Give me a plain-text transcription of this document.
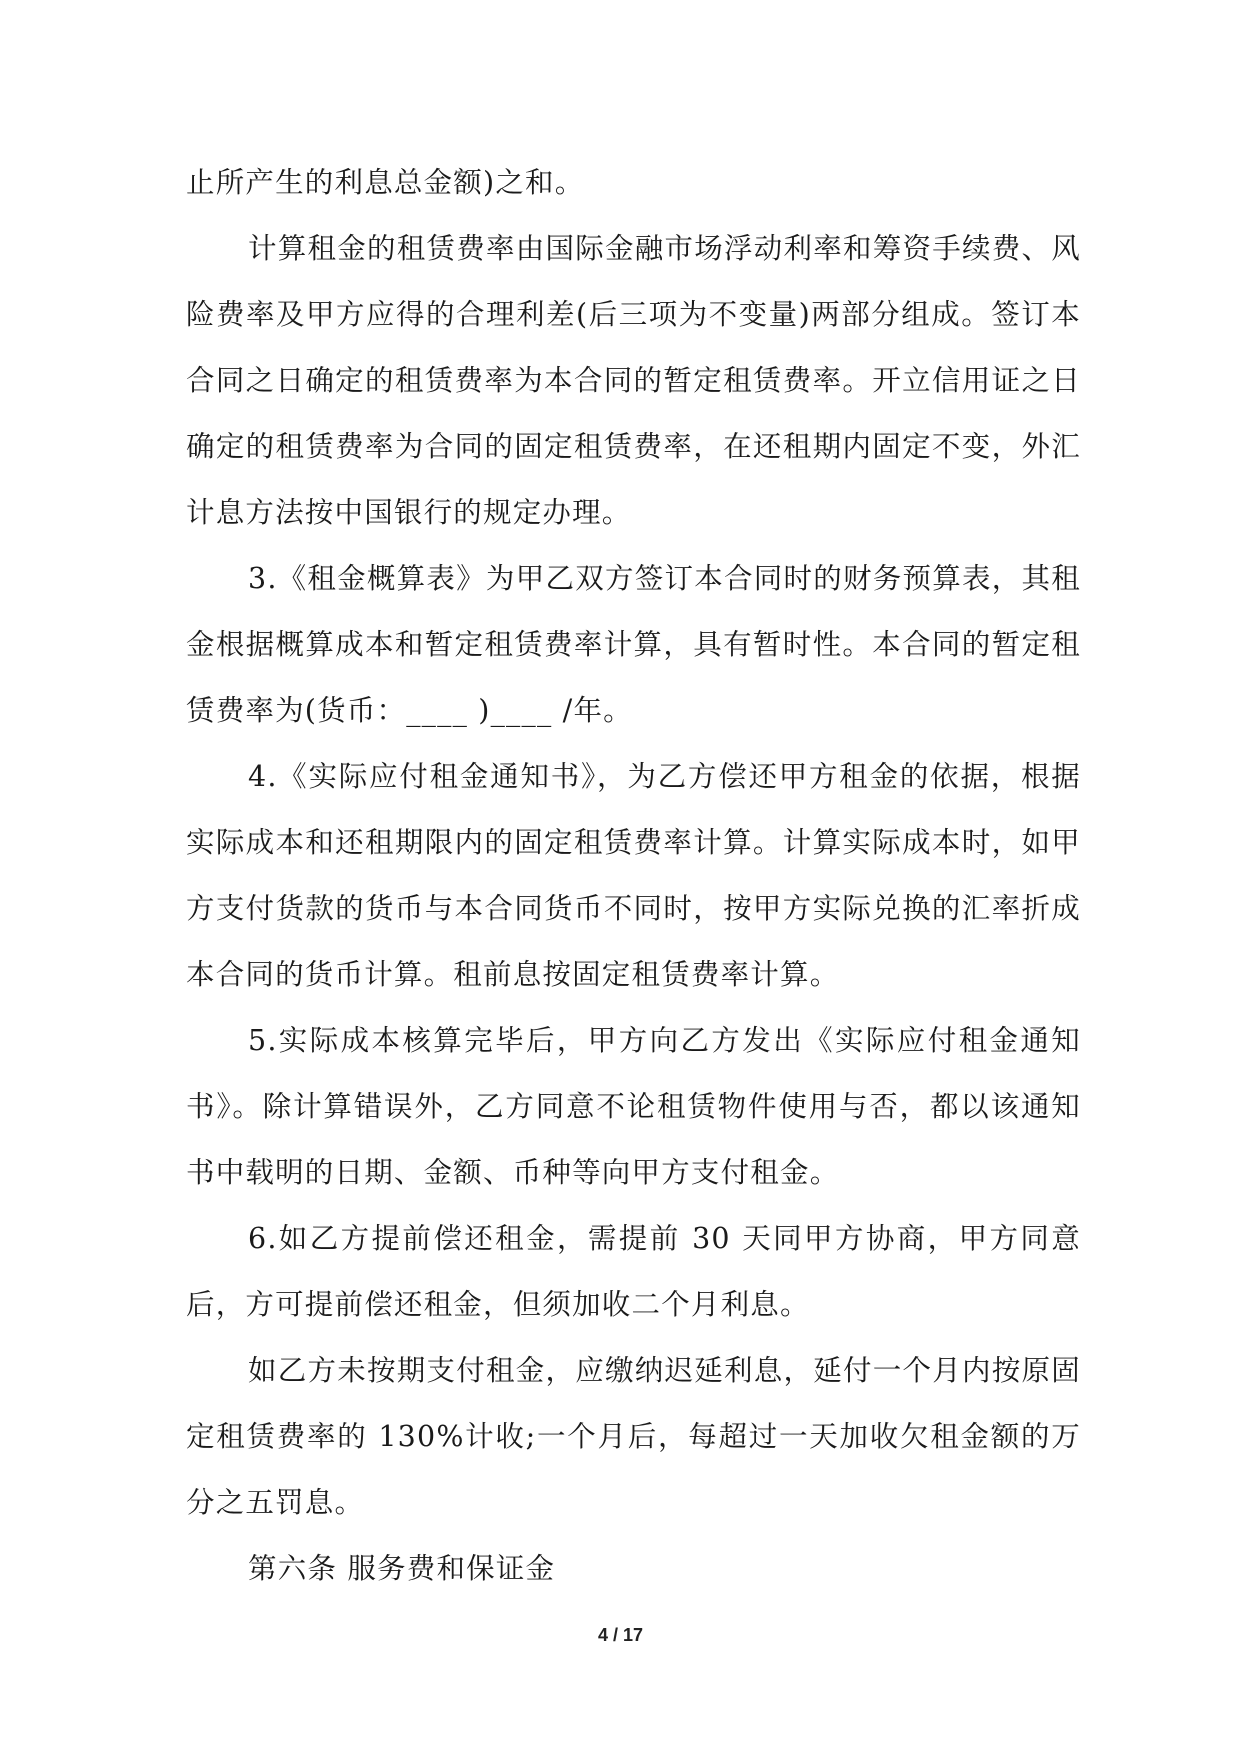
止所产生的利息总金额)之和。

计算租金的租赁费率由国际金融市场浮动利率和筹资手续费、风险费率及甲方应得的合理利差(后三项为不变量)两部分组成。签订本合同之日确定的租赁费率为本合同的暂定租赁费率。开立信用证之日确定的租赁费率为合同的固定租赁费率，在还租期内固定不变，外汇计息方法按中国银行的规定办理。

3.《租金概算表》为甲乙双方签订本合同时的财务预算表，其租金根据概算成本和暂定租赁费率计算，具有暂时性。本合同的暂定租赁费率为(货币：____ )____ /年。

4.《实际应付租金通知书》，为乙方偿还甲方租金的依据，根据实际成本和还租期限内的固定租赁费率计算。计算实际成本时，如甲方支付货款的货币与本合同货币不同时，按甲方实际兑换的汇率折成本合同的货币计算。租前息按固定租赁费率计算。

5.实际成本核算完毕后，甲方向乙方发出《实际应付租金通知书》。除计算错误外，乙方同意不论租赁物件使用与否，都以该通知书中载明的日期、金额、币种等向甲方支付租金。

6.如乙方提前偿还租金，需提前 30 天同甲方协商，甲方同意后，方可提前偿还租金，但须加收二个月利息。

如乙方未按期支付租金，应缴纳迟延利息，延付一个月内按原固定租赁费率的 130%计收;一个月后，每超过一天加收欠租金额的万分之五罚息。

第六条 服务费和保证金

4 / 17
